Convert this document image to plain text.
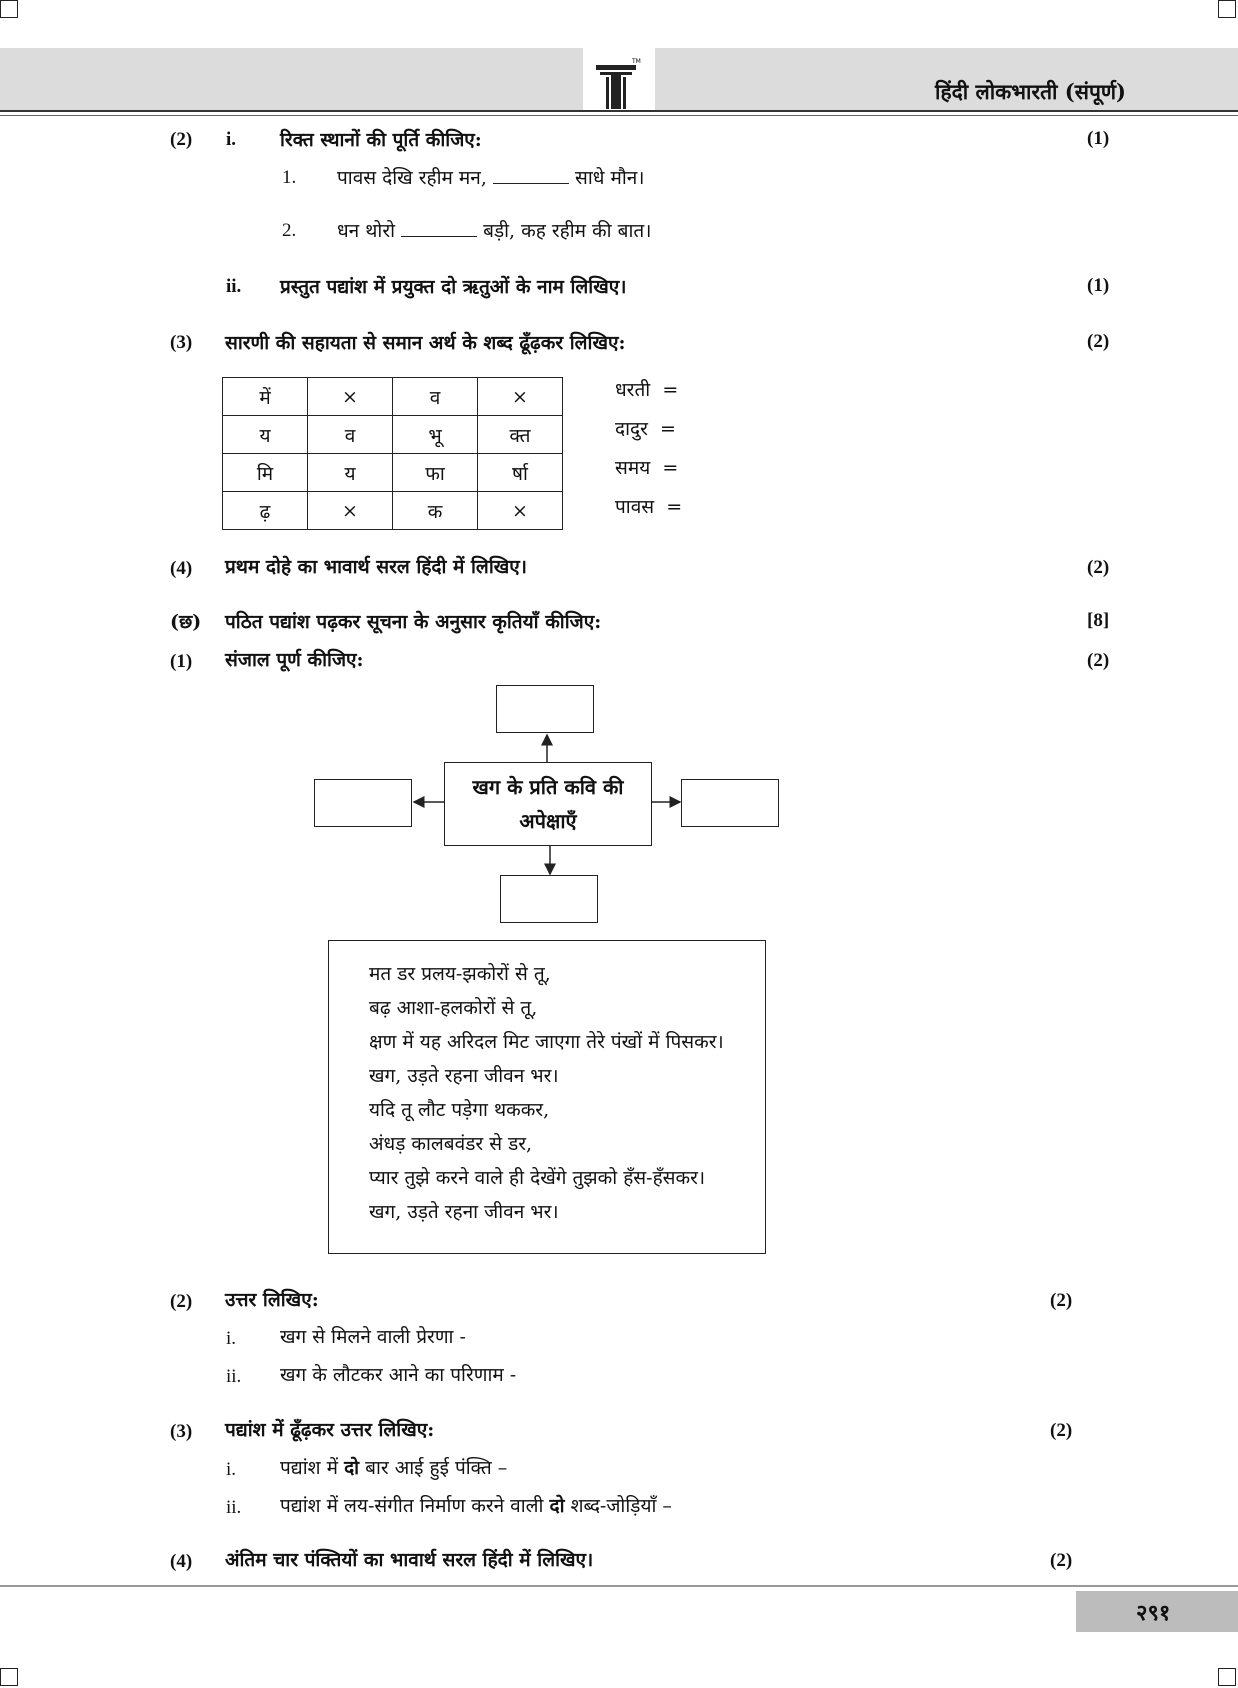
TM
हिंदी लोकभारती (संपूर्ण)
(2) i. रिक्त स्थानों की पूर्ति कीजिए:	(1)
1. पावस देखि रहीम मन,	साधे मौन।
2. धन थोरो	बड़ी, कह रहीम की बात।
ii. प्रस्तुत पद्यांश में प्रयुक्त दो ऋतुओं के नाम लिखिए।	(1)
(3) सारणी की सहायता से समान अर्थ के शब्द ढूँढ़कर लिखिए:	(2)
में	×	व	×
य	व	भू	क्त
मि	य	फा	र्षा
ढ़	×	क	×
धरती =
दादुर =
समय =
पावस =
(4) प्रथम दोहे का भावार्थ सरल हिंदी में लिखिए।	(2)
(छ) पठित पद्यांश पढ़कर सूचना के अनुसार कृतियाँ कीजिए:	[8]
(1) संजाल पूर्ण कीजिए:	(2)
खग के प्रति कवि की
अपेक्षाएँ
मत डर प्रलय-झकोरों से तू,
बढ़ आशा-हलकोरों से तू,
क्षण में यह अरिदल मिट जाएगा तेरे पंखों में पिसकर।
खग, उड़ते रहना जीवन भर।
यदि तू लौट पड़ेगा थककर,
अंधड़ कालबवंडर से डर,
प्यार तुझे करने वाले ही देखेंगे तुझको हँस-हँसकर।
खग, उड़ते रहना जीवन भर।
(2) उत्तर लिखिए:	(2)
i. खग से मिलने वाली प्रेरणा -
ii. खग के लौटकर आने का परिणाम -
(3) पद्यांश में ढूँढ़कर उत्तर लिखिए:	(2)
i. पद्यांश में दो बार आई हुई पंक्ति –
ii. पद्यांश में लय-संगीत निर्माण करने वाली दो शब्द-जोड़ियाँ –
(4) अंतिम चार पंक्तियों का भावार्थ सरल हिंदी में लिखिए।	(2)
२९१
